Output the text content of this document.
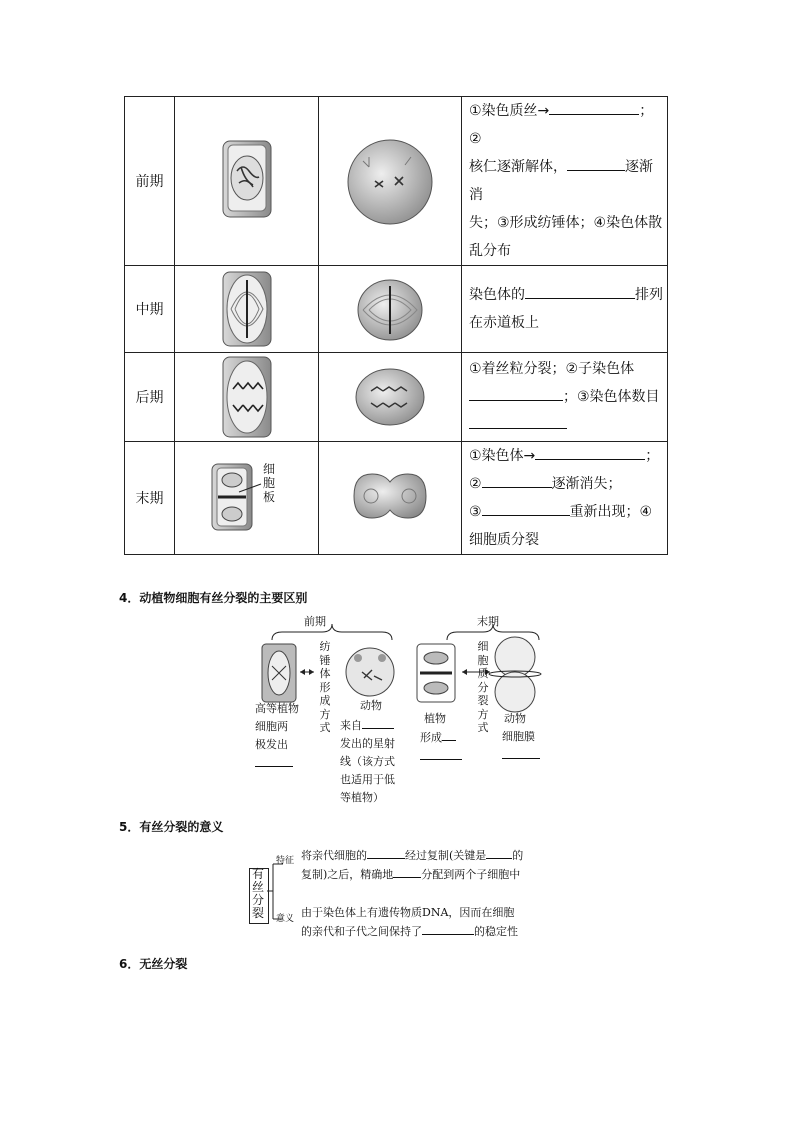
前期			①染色质丝→ ；②
核仁逐渐解体， 逐渐消
失；③形成纺锤体；④染色体散
乱分布

中期			染色体的 排列
在赤道板上

后期			①着丝粒分裂；②子染色体
；③染色体数目

末期	细胞板		①染色体→ ；
② 逐渐消失；
③ 重新出现；④
细胞质分裂
4．动植物细胞有丝分裂的主要区别
前期	末期
纺锤体形成方式
细胞质分裂方式
高等植物
细胞两
极发出
动物
来自
发出的星射
线（该方式
也适用于低
等植物）
植物
形成
动物
细胞膜
5．有丝分裂的意义
有丝分裂
特征
意义
将亲代细胞的	经过复制(关键是 的
复制)之后，精确地	分配到两个子细胞中
由于染色体上有遗传物质DNA，因而在细胞
的亲代和子代之间保持了	的稳定性
6．无丝分裂
